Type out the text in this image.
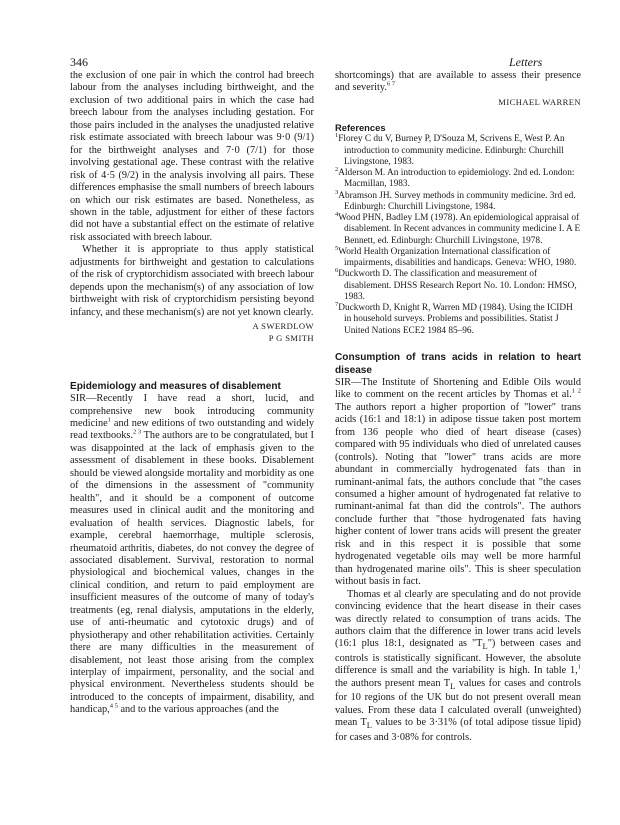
346	Letters

the exclusion of one pair in which the control had breech labour from the analyses including birthweight, and the exclusion of two additional pairs in which the case had breech labour from the analyses including gestation. For those pairs included in the analyses the unadjusted relative risk estimate associated with breech labour was 9·0 (9/1) for the birthweight analyses and 7·0 (7/1) for those involving gestational age. These contrast with the relative risk of 4·5 (9/2) in the analysis involving all pairs. These differences emphasise the small numbers of breech labours on which our risk estimates are based. Nonetheless, as shown in the table, adjustment for either of these factors did not have a substantial effect on the estimate of relative risk associated with breech labour.

Whether it is appropriate to thus apply statistical adjustments for birthweight and gestation to calculations of the risk of cryptorchidism associated with breech labour depends upon the mechanism(s) of any association of low birthweight with risk of cryptorchidism persisting beyond infancy, and these mechanism(s) are not yet known clearly.

A SWERDLOW
P G SMITH
Epidemiology and measures of disablement

SIR—Recently I have read a short, lucid, and comprehensive new book introducing community medicine$^1$ and new editions of two outstanding and widely read textbooks.$^{2 3}$ The authors are to be congratulated, but I was disappointed at the lack of emphasis given to the assessment of disablement in these books. Disablement should be viewed alongside mortality and morbidity as one of the dimensions in the assessment of "community health", and it should be a component of outcome measures used in clinical audit and the monitoring and evaluation of health services. Diagnostic labels, for example, cerebral haemorrhage, multiple sclerosis, rheumatoid arthritis, diabetes, do not convey the degree of associated disablement. Survival, restoration to normal physiological and biochemical values, changes in the clinical condition, and return to paid employment are insufficient measures of the outcome of many of today's treatments (eg, renal dialysis, amputations in the elderly, use of anti-rheumatic and cytotoxic drugs) and of physiotherapy and other rehabilitation activities. Certainly there are many difficulties in the measurement of disablement, not least those arising from the complex interplay of impairment, personality, and the social and physical environment. Nevertheless students should be introduced to the concepts of impairment, disability, and handicap,$^{4 5}$ and to the various approaches (and the

shortcomings) that are available to assess their presence and severity.$^{6 7}$

MICHAEL WARREN
References

$^1$Florey C du V, Burney P, D'Souza M, Scrivens E, West P. An introduction to community medicine. Edinburgh: Churchill Livingstone, 1983.

$^2$Alderson M. An introduction to epidemiology. 2nd ed. London: Macmillan, 1983.

$^3$Abramson JH. Survey methods in community medicine. 3rd ed. Edinburgh: Churchill Livingstone, 1984.

$^4$Wood PHN, Badley LM (1978). An epidemiological appraisal of disablement. In Recent advances in community medicine I. A E Bennett, ed. Edinburgh: Churchill Livingstone, 1978.

$^5$World Health Organization International classification of impairments, disabilities and handicaps. Geneva: WHO, 1980.

$^6$Duckworth D. The classification and measurement of disablement. DHSS Research Report No. 10. London: HMSO, 1983.

$^7$Duckworth D, Knight R, Warren MD (1984). Using the ICIDH in household surveys. Problems and possibilities. Statist J United Nations ECE2 1984 85–96.

Consumption of trans acids in relation to heart disease

SIR—The Institute of Shortening and Edible Oils would like to comment on the recent articles by Thomas et al.$^{1 2}$ The authors report a higher proportion of "lower" trans acids (16:1 and 18:1) in adipose tissue taken post mortem from 136 people who died of heart disease (cases) compared with 95 individuals who died of unrelated causes (controls). Noting that "lower" trans acids are more abundant in commercially hydrogenated fats than in ruminant-animal fats, the authors conclude that "the cases consumed a higher amount of hydrogenated fat relative to ruminant-animal fat than did the controls". The authors conclude further that "those hydrogenated fats having higher content of lower trans acids will present the greater risk and in this respect it is possible that some hydrogenated vegetable oils may well be more harmful than hydrogenated marine oils". This is sheer speculation without basis in fact.

Thomas et al clearly are speculating and do not provide convincing evidence that the heart disease in their cases was directly related to consumption of trans acids. The authors claim that the difference in lower trans acid levels (16:1 plus 18:1, designated as "$T_L$") between cases and controls is statistically significant. However, the absolute difference is small and the variability is high. In table 1,$^1$ the authors present mean $T_L$ values for cases and controls for 10 regions of the UK but do not present overall mean values. From these data I calculated overall (unweighted) mean $T_L$ values to be 3·31% (of total adipose tissue lipid) for cases and 3·08% for controls.
